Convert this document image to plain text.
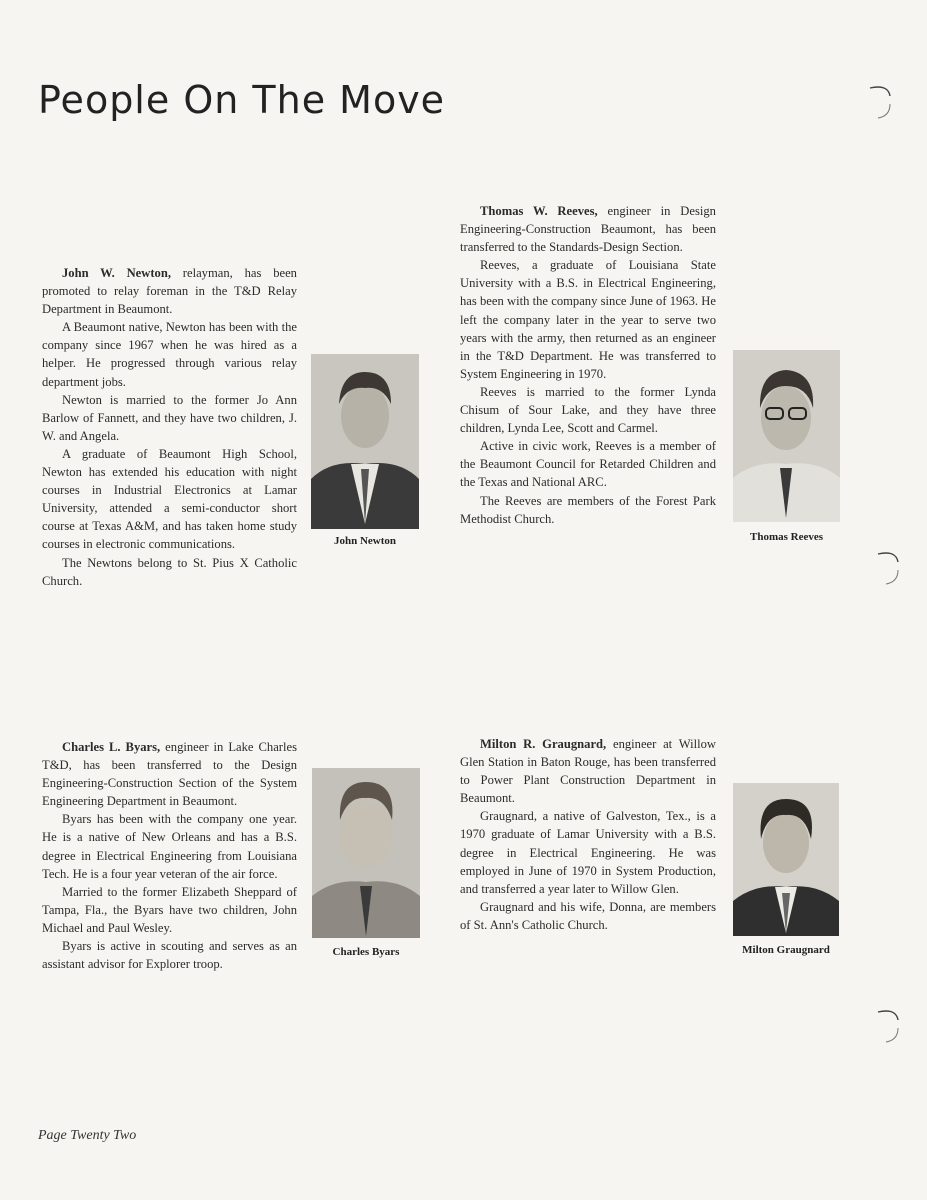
People On The Move

John W. Newton, relayman, has been promoted to relay foreman in the T&D Relay Department in Beaumont.

A Beaumont native, Newton has been with the company since 1967 when he was hired as a helper. He progressed through various relay department jobs.

Newton is married to the former Jo Ann Barlow of Fannett, and they have two children, J. W. and Angela.

A graduate of Beaumont High School, Newton has extended his education with night courses in Industrial Electronics at Lamar University, attended a semi-conductor short course at Texas A&M, and has taken home study courses in electronic communications.

The Newtons belong to St. Pius X Catholic Church.

John Newton

Thomas W. Reeves, engineer in Design Engineering-Construction Beaumont, has been transferred to the Standards-Design Section.

Reeves, a graduate of Louisiana State University with a B.S. in Electrical Engineering, has been with the company since June of 1963. He left the company later in the year to serve two years with the army, then returned as an engineer in the T&D Department. He was transferred to System Engineering in 1970.

Reeves is married to the former Lynda Chisum of Sour Lake, and they have three children, Lynda Lee, Scott and Carmel.

Active in civic work, Reeves is a member of the Beaumont Council for Retarded Children and the Texas and National ARC.

The Reeves are members of the Forest Park Methodist Church.

Thomas Reeves

Charles L. Byars, engineer in Lake Charles T&D, has been transferred to the Design Engineering-Construction Section of the System Engineering Department in Beaumont.

Byars has been with the company one year. He is a native of New Orleans and has a B.S. degree in Electrical Engineering from Louisiana Tech. He is a four year veteran of the air force.

Married to the former Elizabeth Sheppard of Tampa, Fla., the Byars have two children, John Michael and Paul Wesley.

Byars is active in scouting and serves as an assistant advisor for Explorer troop.

Charles Byars

Milton R. Graugnard, engineer at Willow Glen Station in Baton Rouge, has been transferred to Power Plant Construction Department in Beaumont.

Graugnard, a native of Galveston, Tex., is a 1970 graduate of Lamar University with a B.S. degree in Electrical Engineering. He was employed in June of 1970 in System Production, and transferred a year later to Willow Glen.

Graugnard and his wife, Donna, are members of St. Ann's Catholic Church.

Milton Graugnard
Page Twenty Two
